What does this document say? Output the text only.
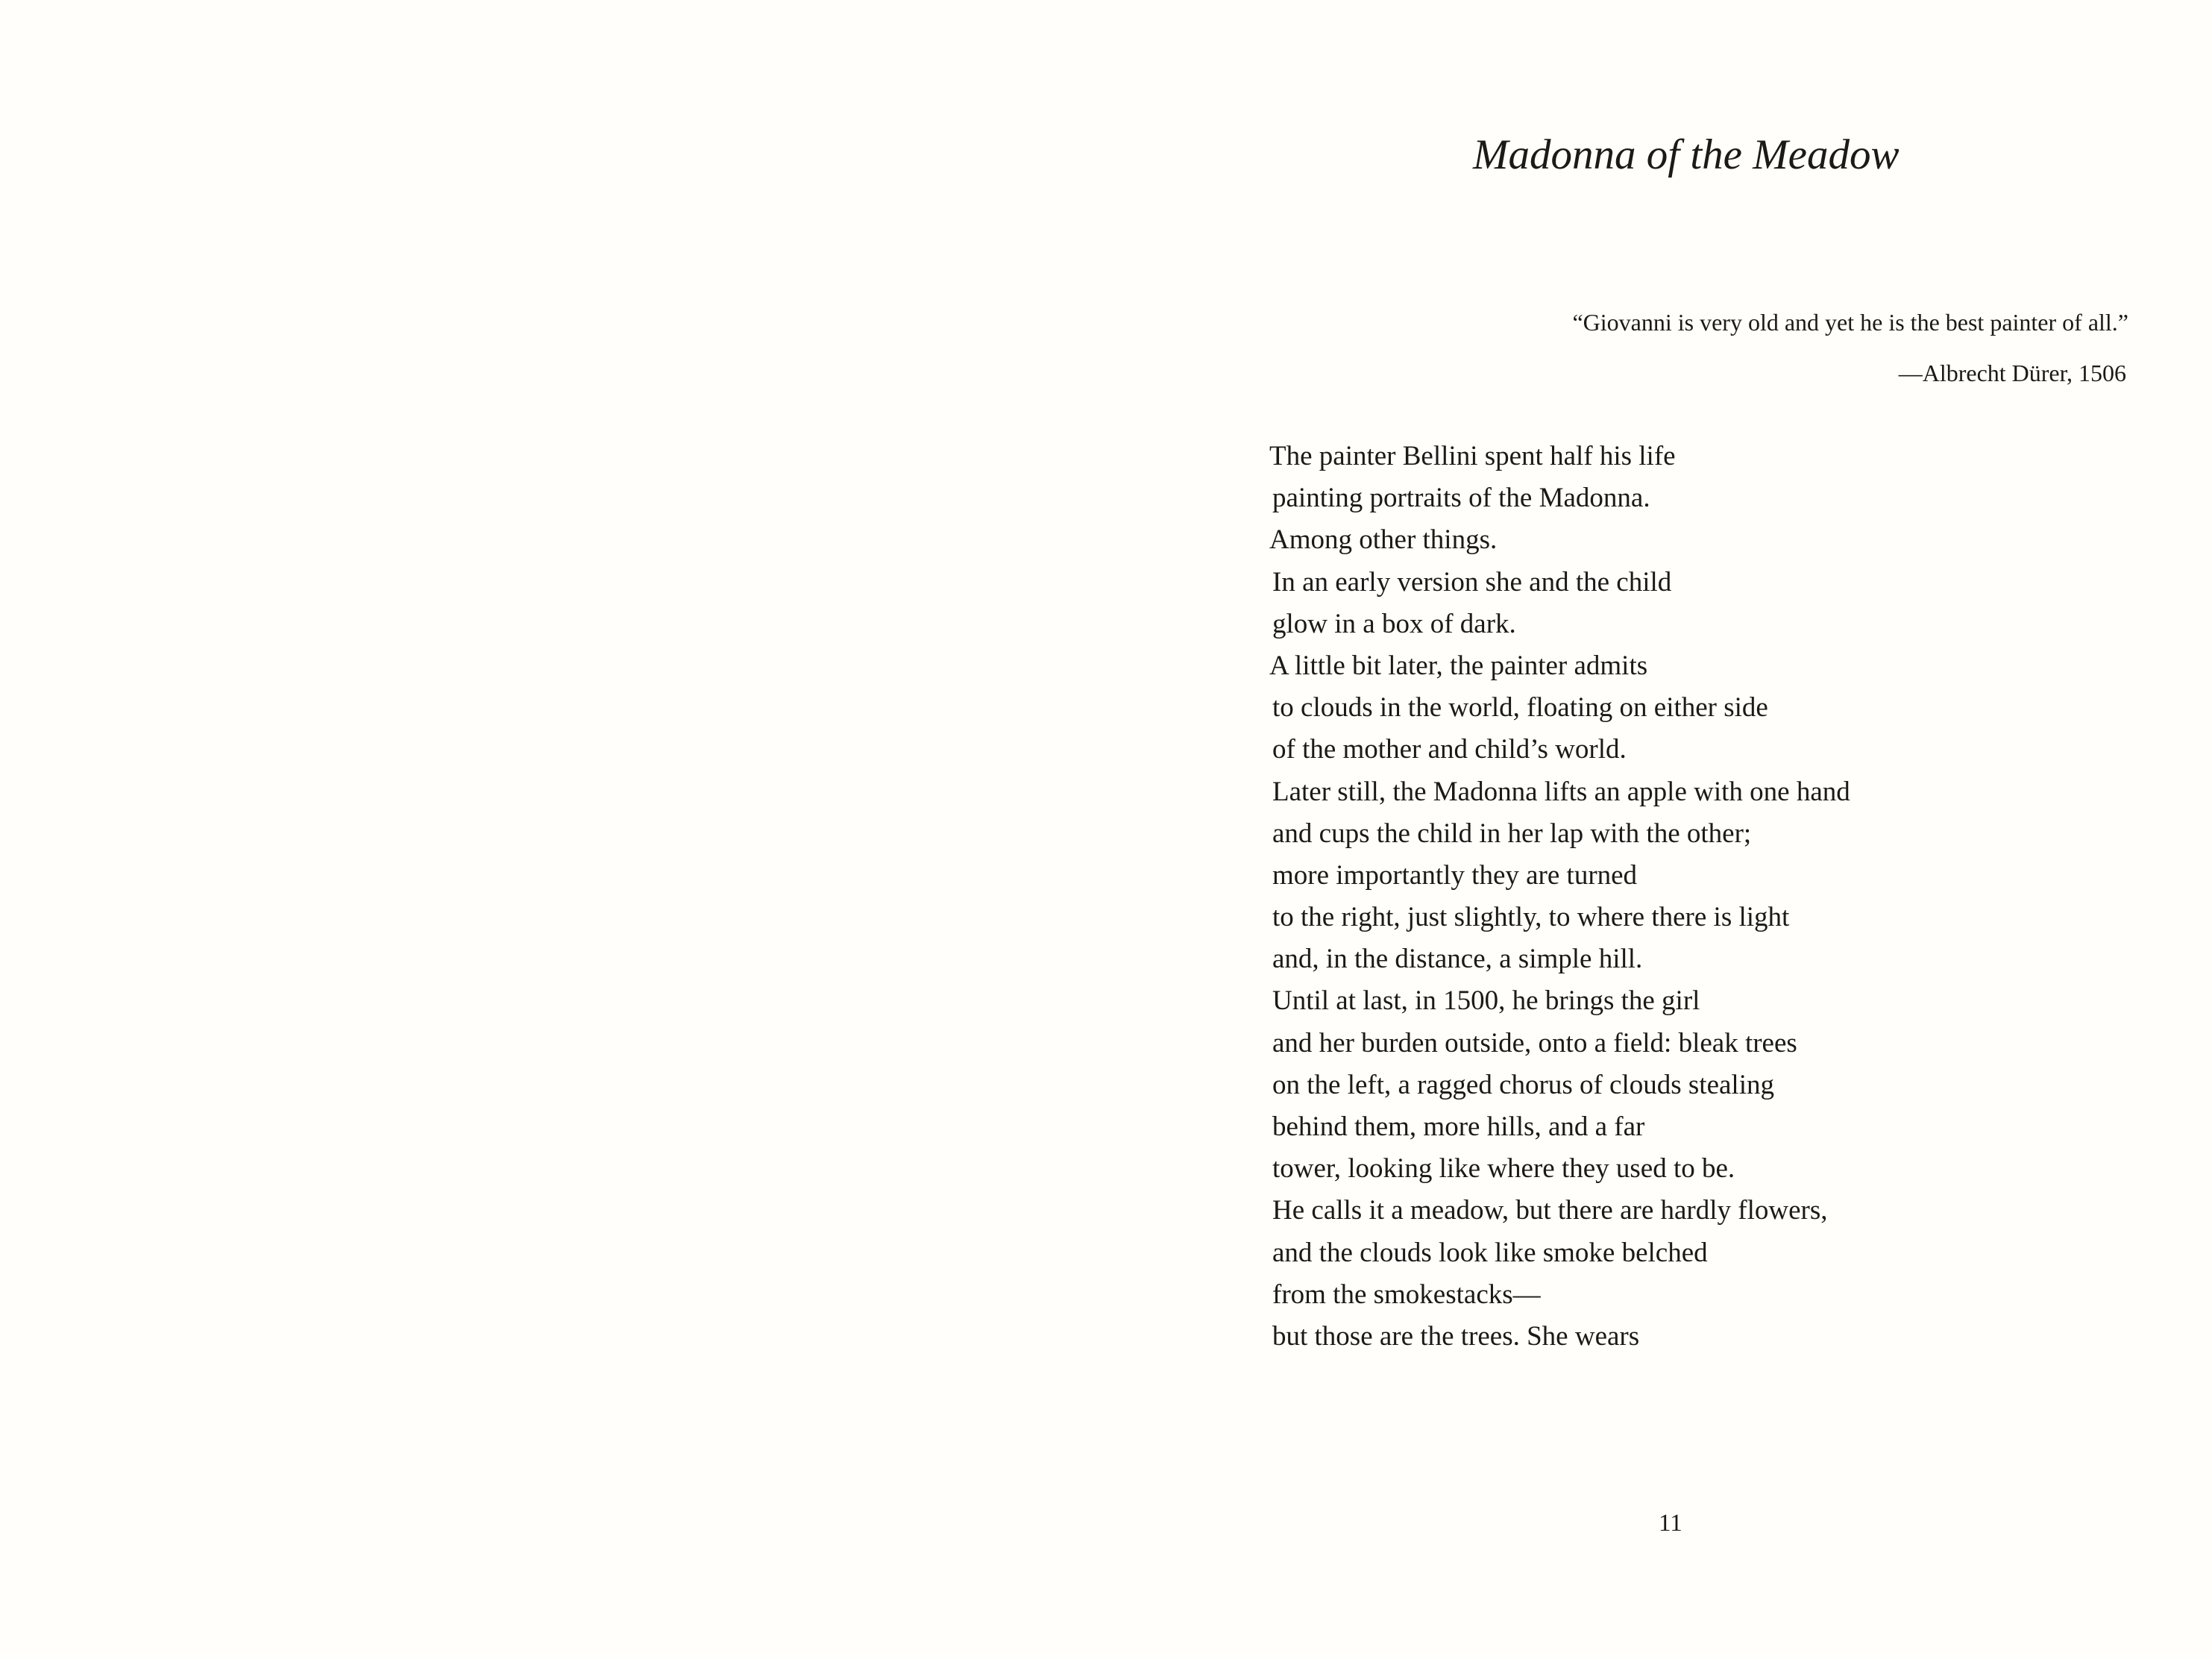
Madonna of the Meadow

“Giovanni is very old and yet he is the best painter of all.”

—Albrecht Dürer, 1506

The painter Bellini spent half his life
painting portraits of the Madonna.
Among other things.
In an early version she and the child
glow in a box of dark.
A little bit later, the painter admits
to clouds in the world, floating on either side
of the mother and child’s world.
Later still, the Madonna lifts an apple with one hand
and cups the child in her lap with the other;
more importantly they are turned
to the right, just slightly, to where there is light
and, in the distance, a simple hill.
Until at last, in 1500, he brings the girl
and her burden outside, onto a field: bleak trees
on the left, a ragged chorus of clouds stealing
behind them, more hills, and a far
tower, looking like where they used to be.
He calls it a meadow, but there are hardly flowers,
and the clouds look like smoke belched
from the smokestacks—
but those are the trees. She wears

11
